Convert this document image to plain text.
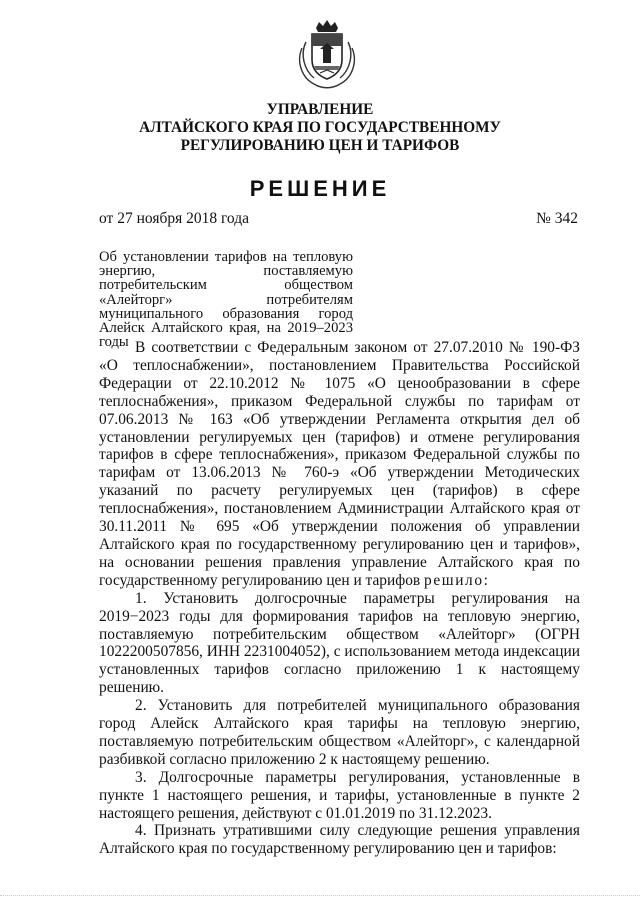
УПРАВЛЕНИЕ
АЛТАЙСКОГО КРАЯ ПО ГОСУДАРСТВЕННОМУ
РЕГУЛИРОВАНИЮ ЦЕН И ТАРИФОВ
РЕШЕНИЕ
от 27 ноября 2018 года	№ 342
Об установлении тарифов на тепловую энергию, поставляемую потребительским обществом «Алейторг» потребителям муниципального образования город Алейск Алтайского края, на 2019–2023 годы В соответствии с Федеральным законом от 27.07.2010 № 190-ФЗ «О теплоснабжении», постановлением Правительства Российской Федерации от 22.10.2012 № 1075 «О ценообразовании в сфере теплоснабжения», приказом Федеральной службы по тарифам от 07.06.2013 № 163 «Об утверждении Регламента открытия дел об установлении регулируемых цен (тарифов) и отмене регулирования тарифов в сфере теплоснабжения», приказом Федеральной службы по тарифам от 13.06.2013 № 760-э «Об утверждении Методических указаний по расчету регулируемых цен (тарифов) в сфере теплоснабжения», постановлением Администрации Алтайского края от 30.11.2011 № 695 «Об утверждении положения об управлении Алтайского края по государственному регулированию цен и тарифов», на основании решения правления управление Алтайского края по государственному регулированию цен и тарифов решило:

1. Установить долгосрочные параметры регулирования на 2019−2023 годы для формирования тарифов на тепловую энергию, поставляемую потребительским обществом «Алейторг» (ОГРН 1022200507856, ИНН 2231004052), с использованием метода индексации установленных тарифов согласно приложению 1 к настоящему решению.

2. Установить для потребителей муниципального образования город Алейск Алтайского края тарифы на тепловую энергию, поставляемую потребительским обществом «Алейторг», с календарной разбивкой согласно приложению 2 к настоящему решению.

3. Долгосрочные параметры регулирования, установленные в пункте 1 настоящего решения, и тарифы, установленные в пункте 2 настоящего решения, действуют с 01.01.2019 по 31.12.2023.

4. Признать утратившими силу следующие решения управления Алтайского края по государственному регулированию цен и тарифов:
